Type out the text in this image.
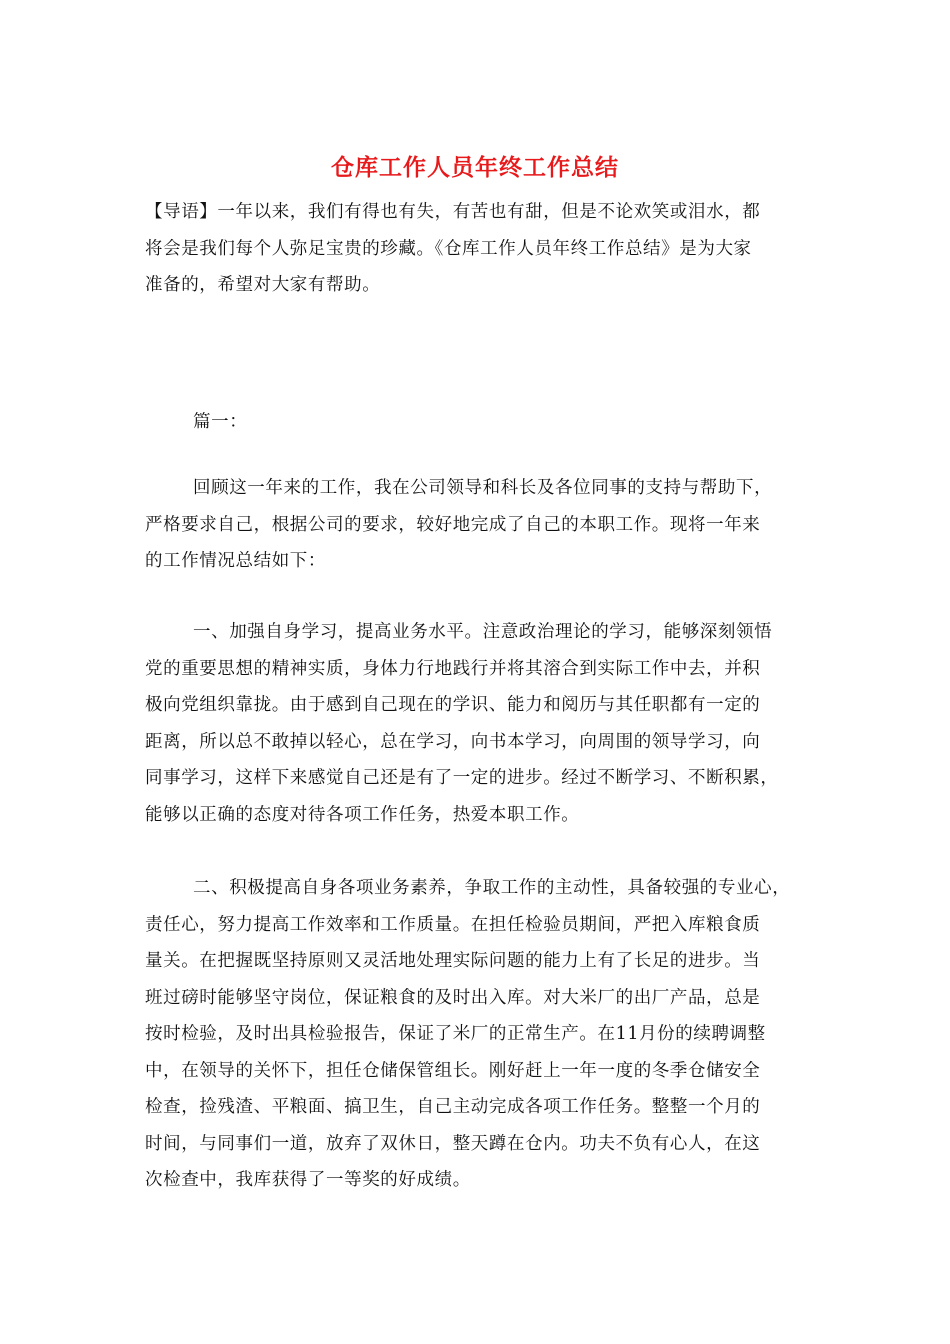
仓库工作人员年终工作总结

【导语】一年以来，我们有得也有失，有苦也有甜，但是不论欢笑或泪水，都
将会是我们每个人弥足宝贵的珍藏。《仓库工作人员年终工作总结》是为大家
准备的，希望对大家有帮助。

篇一：

回顾这一年来的工作，我在公司领导和科长及各位同事的支持与帮助下，
严格要求自己，根据公司的要求，较好地完成了自己的本职工作。现将一年来
的工作情况总结如下：

一、加强自身学习，提高业务水平。注意政治理论的学习，能够深刻领悟
党的重要思想的精神实质，身体力行地践行并将其溶合到实际工作中去，并积
极向党组织靠拢。由于感到自己现在的学识、能力和阅历与其任职都有一定的
距离，所以总不敢掉以轻心，总在学习，向书本学习，向周围的领导学习，向
同事学习，这样下来感觉自己还是有了一定的进步。经过不断学习、不断积累，
能够以正确的态度对待各项工作任务，热爱本职工作。

二、积极提高自身各项业务素养，争取工作的主动性，具备较强的专业心，
责任心，努力提高工作效率和工作质量。在担任检验员期间，严把入库粮食质
量关。在把握既坚持原则又灵活地处理实际问题的能力上有了长足的进步。当
班过磅时能够坚守岗位，保证粮食的及时出入库。对大米厂的出厂产品，总是
按时检验，及时出具检验报告，保证了米厂的正常生产。在11月份的续聘调整
中，在领导的关怀下，担任仓储保管组长。刚好赶上一年一度的冬季仓储安全
检查，捡残渣、平粮面、搞卫生，自己主动完成各项工作任务。整整一个月的
时间，与同事们一道，放弃了双休日，整天蹲在仓内。功夫不负有心人，在这
次检查中，我库获得了一等奖的好成绩。
